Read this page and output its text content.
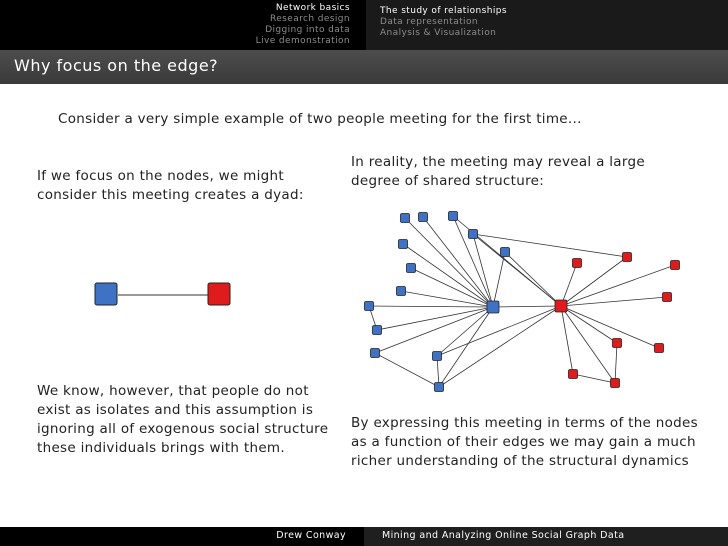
Network basics
Research design
Digging into data
Live demonstration
The study of relationships
Data representation
Analysis & Visualization
Why focus on the edge?
Consider a very simple example of two people meeting for the first time...
If we focus on the nodes, we might consider this meeting creates a dyad:
In reality, the meeting may reveal a large degree of shared structure:
We know, however, that people do not exist as isolates and this assumption is ignoring all of exogenous social structure these individuals brings with them.
By expressing this meeting in terms of the nodes as a function of their edges we may gain a much richer understanding of the structural dynamics
Drew Conway	Mining and Analyzing Online Social Graph Data
